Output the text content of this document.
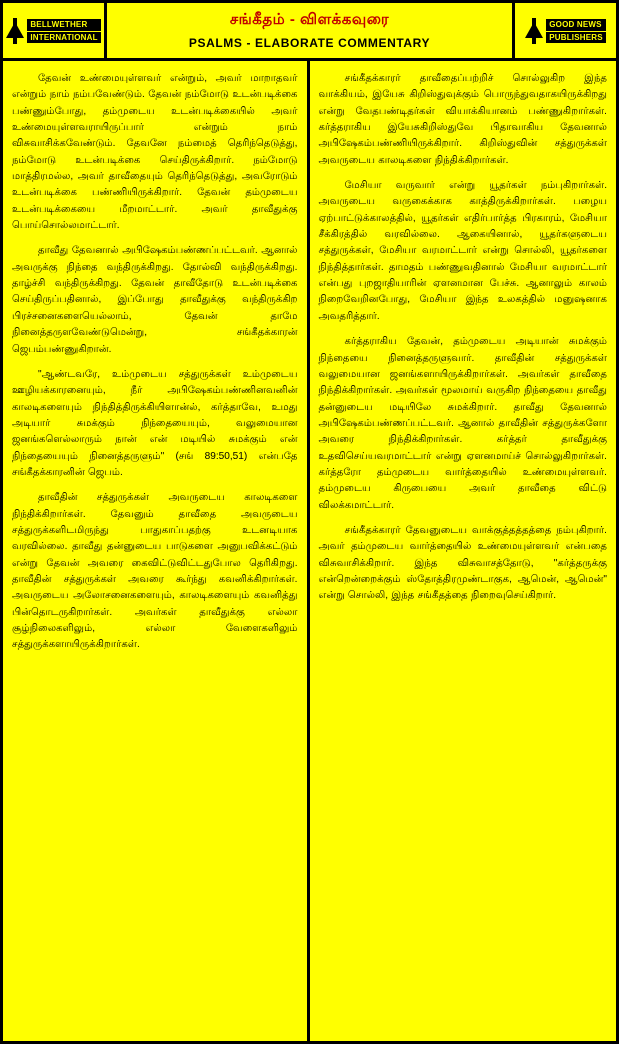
BELLWETHER
INTERNATIONAL
சங்கீதம் - விளக்கவுரை
PSALMS - ELABORATE COMMENTARY
GOOD NEWS
PUBLISHERS

தேவன் உண்மையுள்ளவர் என்றும், அவர் மாறாதவர் என்றும் நாம் நம்பவேண்டும். தேவன் நம்மோடு உடன்படிக்கை பண்ணும்போது, தம்முடைய உடன்படிக்கையில் அவர் உண்மையுள்ளவராயிருப்பார் என்றும் நாம் விசுவாசிக்கவேண்டும். தேவனே நம்மைத் தெரிந்தெடுத்து, நம்மோடு உடன்படிக்கை செய்திருக்கிறார். நம்மோடு மாத்திரமல்ல, அவர் தாவீதையும் தெரிந்தெடுத்து, அவரோடும் உடன்படிக்கை பண்ணியிருக்கிறார். தேவன் தம்முடைய உடன்படிக்கையை மீறமாட்டார். அவர் தாவீதுக்கு பொய்சொல்லமாட்டார்.

தாவீது தேவனால் அபிஷேகம்பண்ணப்பட்டவர். ஆனால் அவருக்கு நிந்தை வந்திருக்கிறது. தோல்வி வந்திருக்கிறது. தாழ்ச்சி வந்திருக்கிறது. தேவன் தாவீதோடு உடன்படிக்கை செய்திருப்பதினால், இப்போது தாவீதுக்கு வந்திருக்கிற பிரச்சனைகளையெல்லாம், தேவன் தாமே நினைத்தருளவேண்டுமென்று, சங்கீதக்காரன் ஜெபம்பண்ணுகிறான்.

"ஆண்டவரே, உம்முடைய சத்துருக்கள் உம்முடைய ஊழியக்காரனையும், நீர் அபிஷேகம்பண்ணினவனின் காலடிகளையும் நிந்தித்திருக்கியிளான்ல், கர்த்தாவே, உமது அடியார் சுமக்கும் நிந்தையையும், வலுமையான ஜனங்களெல்லாரும் நான் என் மடியில் சுமக்கும் என் நிந்தையையும் நினைத்தருளும்" (சங் 89:50,51) என்பதே சங்கீதக்காரனின் ஜெபம்.

தாவீதின் சத்துருக்கள் அவருடைய காலடிகளை நிந்திக்கிறார்கள். தேவனும் தாவீதை அவருடைய சத்துருக்களிடமிருந்து பாதுகாப்பதற்கு உடனடியாக வரவில்லை. தாவீது தன்னுடைய பாடுகளை அனுபவிக்கட்டும் என்று தேவன் அவரை கைவிட்டுவிட்டதுபோல தெரிகிறது. தாவீதின் சத்துருக்கள் அவரை கூர்ந்து கவனிக்கிறார்கள். அவருடைய அலோசனைகளையும், காலடிகளையும் கவனித்து பின்தொடருகிறார்கள். அவர்கள் தாவீதுக்கு எல்லா சூழ்நிலைகளிலும், எல்லா வேளைகளிலும் சத்துருக்களாயிருக்கிறார்கள்.

சங்கீதக்காரர் தாவீதைப்பற்றிச் சொல்லுகிற இந்த வாக்கியம், இயேசு கிறிஸ்துவுக்கும் பொருந்துவதாகயிருக்கிறது என்று வேதபண்டிதர்கள் வியாக்கியானம் பண்ணுகிறார்கள். கர்த்தராகிய இயேசுகிறிஸ்துவே பிதாவாகிய தேவனால் அபிஷேகம்பண்ணியிருக்கிறார். கிறிஸ்துவின் சத்துருக்கள் அவருடைய காலடிகளை நிந்திக்கிறார்கள்.

மேசியா வருவார் என்று யூதர்கள் நம்புகிறார்கள். அவருடைய வருகைக்காக காத்திருக்கிறார்கள். பழைய ஏற்பாட்டுக்காலத்தில், யூதர்கள் எதிர்பார்த்த பிரகாரம், மேசியா சீக்கிரத்தில் வரவில்லை. ஆகையினால், யூதர்களுடைய சத்துருக்கள், மேசியா வரமாட்டார் என்று சொல்லி, யூதர்களை நிந்தித்தார்கள். தாமதம் பண்ணுவதினால் மேசியா வரமாட்டார் என்பது புறஜாதியாரின் ஏளனமான பேச்சு. ஆனாலும் காலம் நிறைவேறினபோது, மேசியா இந்த உலகத்தில் மனுஷனாக அவதரித்தார்.

கர்த்தராகிய தேவன், தம்முடைய அடியான் சுமக்கும் நிந்தையை நினைத்தருளுவார். தாவீதின் சத்துருக்கள் வலுமையான ஜனங்களாயிருக்கிறார்கள். அவர்கள் தாவீதை நிந்திக்கிறார்கள். அவர்கள் மூலமாய் வருகிற நிந்தையை தாவீது தன்னுடைய மடியிலே சுமக்கிறார். தாவீது தேவனால் அபிஷேகம்பண்ணப்பட்டவர். ஆனால் தாவீதின் சத்துருக்களோ அவரை நிந்திக்கிறார்கள். கர்த்தர் தாவீதுக்கு உதவிசெய்யவரமாட்டார் என்று ஏளனமாய்ச் சொல்லுகிறார்கள். கர்த்தரோ தம்முடைய வார்த்தையில் உண்மையுள்ளவர். தம்முடைய கிருபையை அவர் தாவீதை விட்டு விலக்கமாட்டார்.

சங்கீதக்காரர் தேவனுடைய வாக்குத்தத்தத்தை நம்புகிறார். அவர் தம்முடைய வார்த்தையில் உண்மையுள்ளவர் என்பதை விசுவாசிக்கிறார். இந்த விசுவாசத்தோடு, "கர்த்தருக்கு என்றென்றைக்கும் ஸ்தோத்திரமுண்டாகுக, ஆமென், ஆமென்" என்று சொல்லி, இந்த சங்கீதத்தை நிறைவுசெய்கிறார்.
